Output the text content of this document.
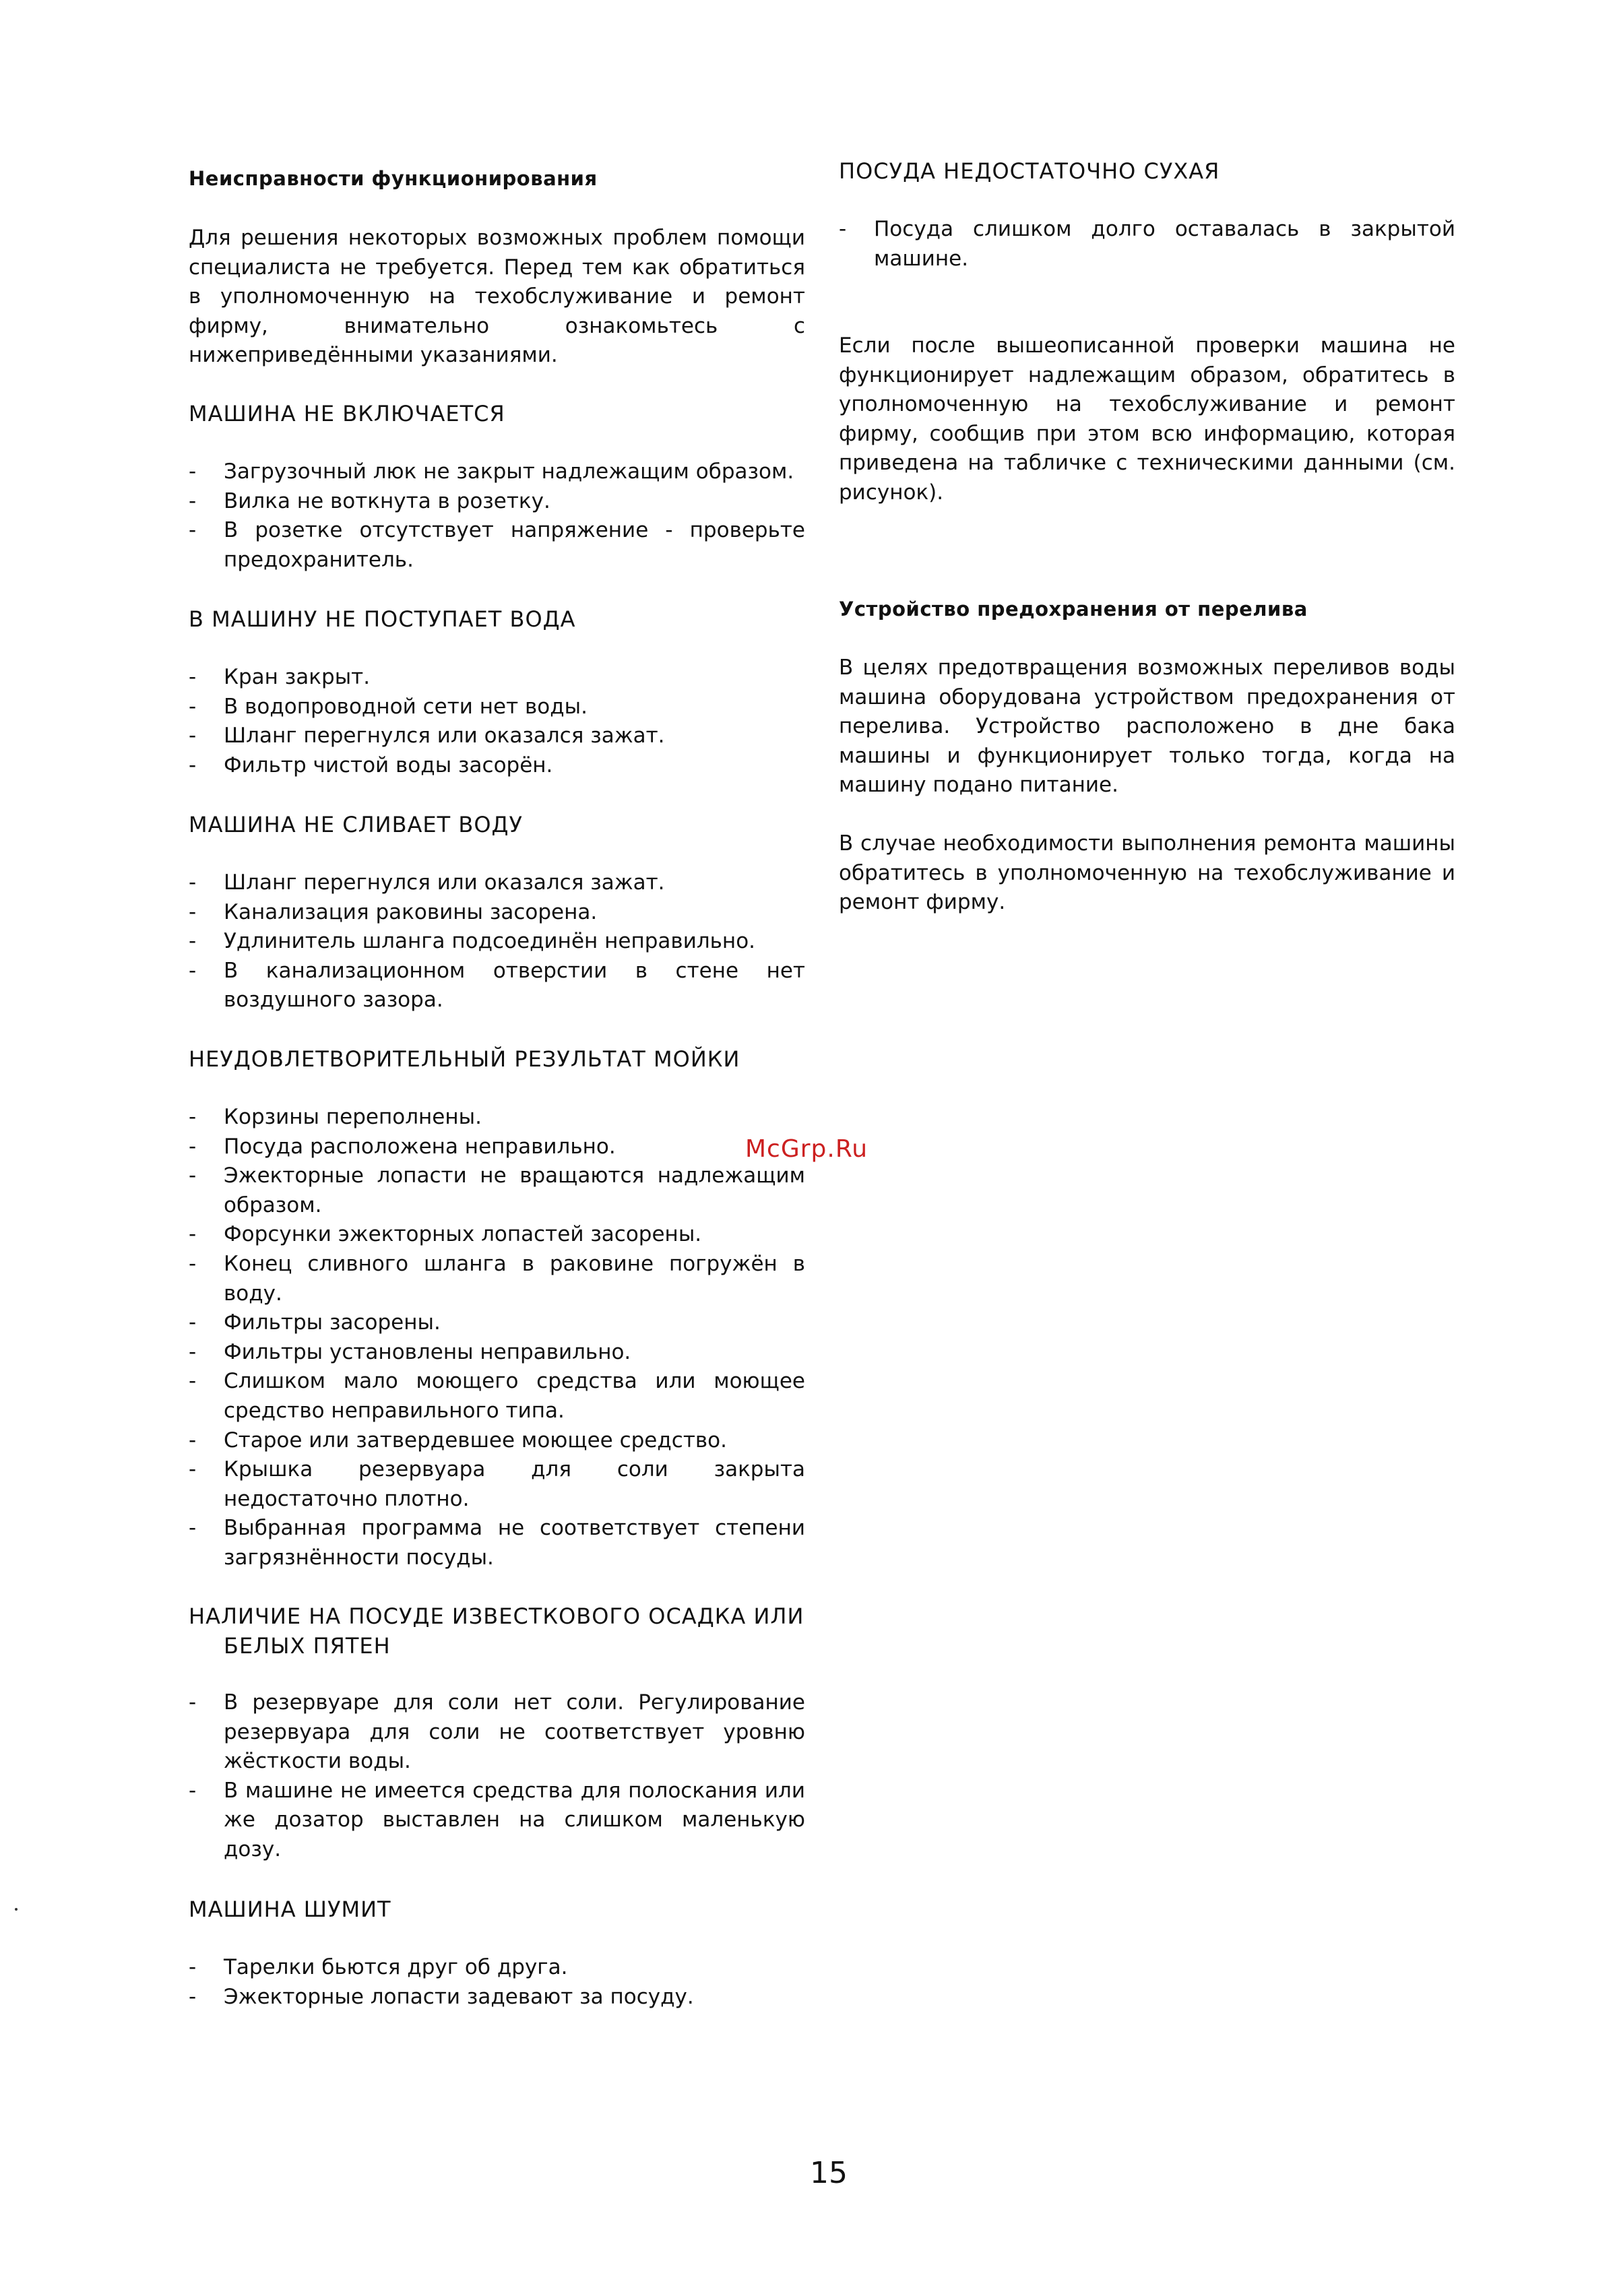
Неисправности функционирования
Для решения некоторых возможных проблем помощи специалиста не требуется. Перед тем как обратиться в уполномоченную на техобслуживание и ремонт фирму, внимательно ознакомьтесь с нижеприведёнными указаниями.
МАШИНА НЕ ВКЛЮЧАЕТСЯ
- Загрузочный люк не закрыт надлежащим образом.
- Вилка не воткнута в розетку.
- В розетке отсутствует напряжение - проверьте предохранитель.
В МАШИНУ НЕ ПОСТУПАЕТ ВОДА
- Кран закрыт.
- В водопроводной сети нет воды.
- Шланг перегнулся или оказался зажат.
- Фильтр чистой воды засорён.
МАШИНА НЕ СЛИВАЕТ ВОДУ
- Шланг перегнулся или оказался зажат.
- Канализация раковины засорена.
- Удлинитель шланга подсоединён неправильно.
- В канализационном отверстии в стене нет воздушного зазора.
НЕУДОВЛЕТВОРИТЕЛЬНЫЙ РЕЗУЛЬТАТ МОЙКИ
- Корзины переполнены.
- Посуда расположена неправильно.
- Эжекторные лопасти не вращаются надлежащим образом.
- Форсунки эжекторных лопастей засорены.
- Конец сливного шланга в раковине погружён в воду.
- Фильтры засорены.
- Фильтры установлены неправильно.
- Слишком мало моющего средства или моющее средство неправильного типа.
- Старое или затвердевшее моющее средство.
- Крышка резервуара для соли закрыта недостаточно плотно.
- Выбранная программа не соответствует степени загрязнённости посуды.
НАЛИЧИЕ НА ПОСУДЕ ИЗВЕСТКОВОГО ОСАДКА ИЛИ БЕЛЫХ ПЯТЕН
- В резервуаре для соли нет соли. Регулирование резервуара для соли не соответствует уровню жёсткости воды.
- В машине не имеется средства для полоскания или же дозатор выставлен на слишком маленькую дозу.
МАШИНА ШУМИТ
- Тарелки бьются друг об друга.
- Эжекторные лопасти задевают за посуду.
ПОСУДА НЕДОСТАТОЧНО СУХАЯ
- Посуда слишком долго оставалась в закрытой машине.
Если после вышеописанной проверки машина не функционирует надлежащим образом, обратитесь в уполномоченную на техобслуживание и ремонт фирму, сообщив при этом всю информацию, которая приведена на табличке с техническими данными (см. рисунок).
Устройство предохранения от перелива
В целях предотвращения возможных переливов воды машина оборудована устройством предохранения от перелива. Устройство расположено в дне бака машины и функционирует только тогда, когда на машину подано питание.
В случае необходимости выполнения ремонта машины обратитесь в уполномоченную на техобслуживание и ремонт фирму.
McGrp.Ru
15
